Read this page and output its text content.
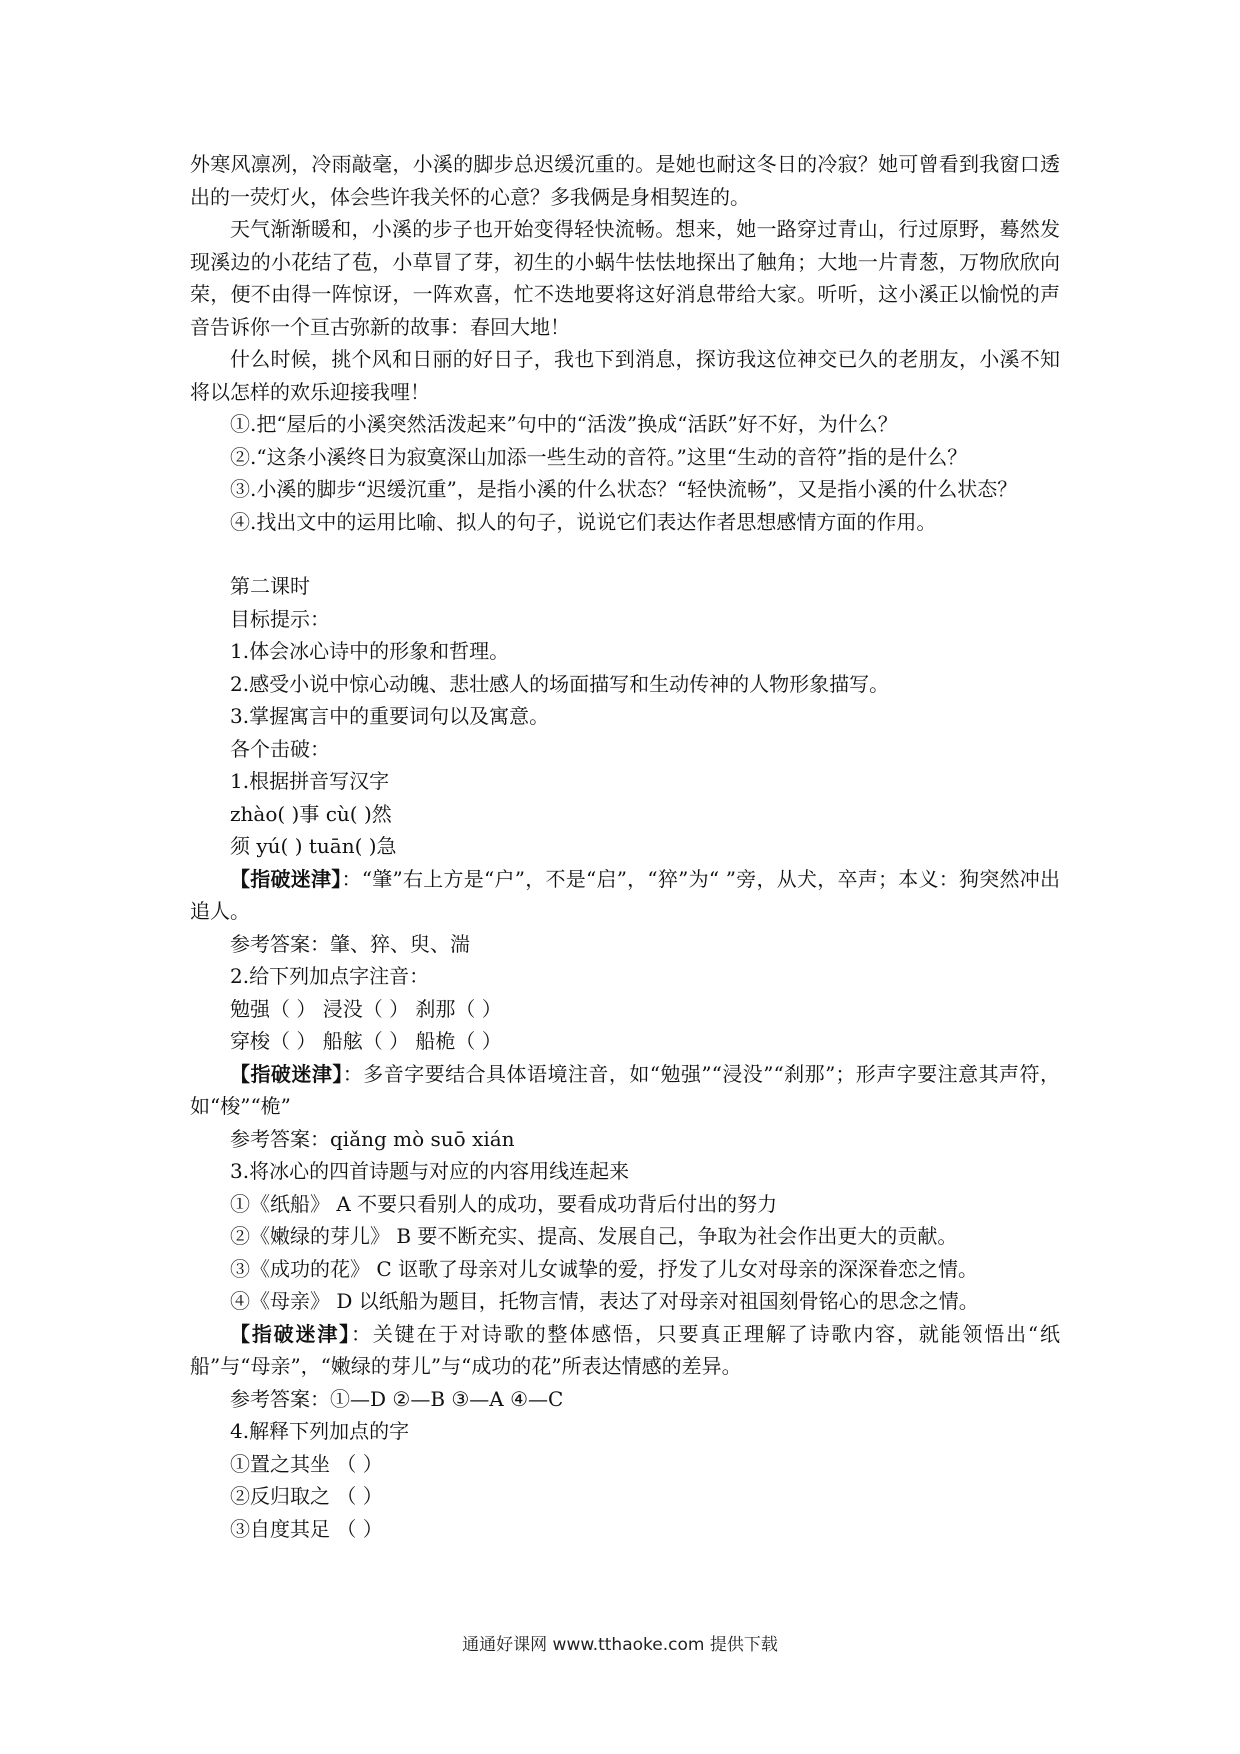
外寒风凛冽，冷雨敲毫，小溪的脚步总迟缓沉重的。是她也耐这冬日的冷寂？她可曾看到我窗口透出的一荧灯火，体会些许我关怀的心意？多我俩是身相契连的。

天气渐渐暖和，小溪的步子也开始变得轻快流畅。想来，她一路穿过青山，行过原野，蓦然发现溪边的小花结了苞，小草冒了芽，初生的小蜗牛怯怯地探出了触角；大地一片青葱，万物欣欣向荣，便不由得一阵惊讶，一阵欢喜，忙不迭地要将这好消息带给大家。听听，这小溪正以愉悦的声音告诉你一个亘古弥新的故事：春回大地！

什么时候，挑个风和日丽的好日子，我也下到消息，探访我这位神交已久的老朋友，小溪不知将以怎样的欢乐迎接我哩！

①.把“屋后的小溪突然活泼起来”句中的“活泼”换成“活跃”好不好，为什么？

②.“这条小溪终日为寂寞深山加添一些生动的音符。”这里“生动的音符”指的是什么？

③.小溪的脚步“迟缓沉重”，是指小溪的什么状态？“轻快流畅”，又是指小溪的什么状态？

④.找出文中的运用比喻、拟人的句子，说说它们表达作者思想感情方面的作用。

第二课时

目标提示：

1.体会冰心诗中的形象和哲理。

2.感受小说中惊心动魄、悲壮感人的场面描写和生动传神的人物形象描写。

3.掌握寓言中的重要词句以及寓意。

各个击破：

1.根据拼音写汉字

zhào( )事 cù( )然

须 yú( ) tuān( )急

【指破迷津】：“肇”右上方是“户”，不是“启”，“猝”为“ ”旁，从犬，卒声；本义：狗突然冲出追人。

参考答案：肇、猝、臾、湍

2.给下列加点字注音：

勉强（ ） 浸没（ ） 刹那（ ）

穿梭（ ） 船舷（ ） 船桅（ ）

【指破迷津】：多音字要结合具体语境注音，如“勉强”“浸没”“刹那”；形声字要注意其声符，如“梭”“桅”

参考答案：qiǎng mò suō xián

3.将冰心的四首诗题与对应的内容用线连起来

①《纸船》 A 不要只看别人的成功，要看成功背后付出的努力

②《嫩绿的芽儿》 B 要不断充实、提高、发展自己，争取为社会作出更大的贡献。

③《成功的花》 C 讴歌了母亲对儿女诚挚的爱，抒发了儿女对母亲的深深眷恋之情。

④《母亲》 D 以纸船为题目，托物言情，表达了对母亲对祖国刻骨铭心的思念之情。

【指破迷津】：关键在于对诗歌的整体感悟，只要真正理解了诗歌内容，就能领悟出“纸船”与“母亲”，“嫩绿的芽儿”与“成功的花”所表达情感的差异。

参考答案：①—D ②—B ③—A ④—C

4.解释下列加点的字

①置之其坐 （ ）

②反归取之 （ ）

③自度其足 （ ）

通通好课网 www.tthaoke.com 提供下载
